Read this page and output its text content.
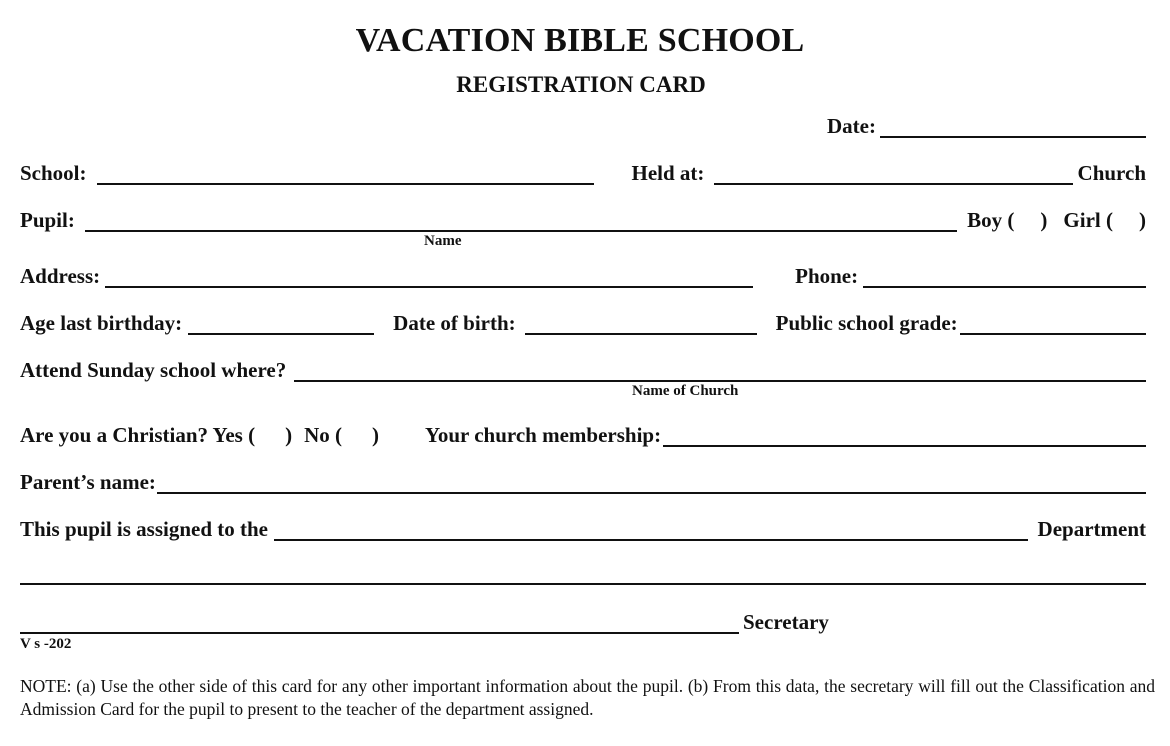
VACATION BIBLE SCHOOL
REGISTRATION CARD
Date:
School:	Held at:	Church
Pupil:	Boy ( ) Girl ( )
Name
Address:	Phone:
Age last birthday:	Date of birth:	Public school grade:
Attend Sunday school where?
Name of Church
Are you a Christian? Yes ( ) No ( ) Your church membership:
Parent’s name:
This pupil is assigned to the	Department
Secretary
V s -202
NOTE: (a) Use the other side of this card for any other important information about the pupil. (b) From this data, the secretary will fill out the Classification and Admission Card for the pupil to present to the teacher of the department assigned.
